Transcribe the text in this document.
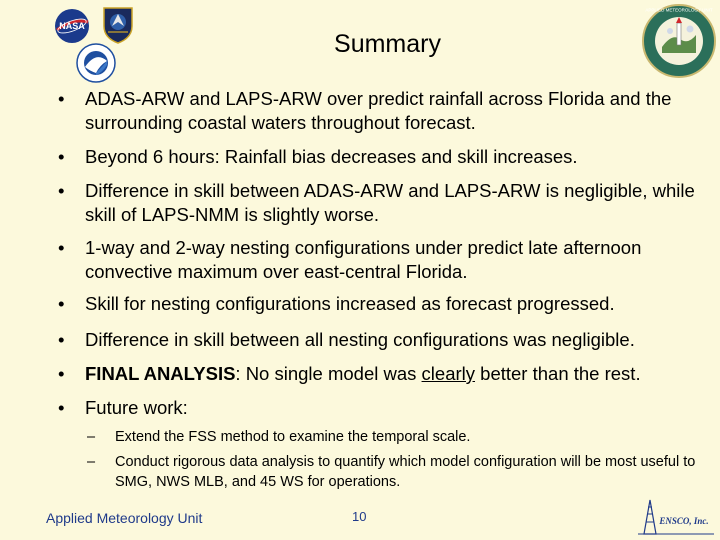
NASA
Summary
APPLIED METEOROLOGY UNIT
• ADAS-ARW and LAPS-ARW over predict rainfall across Florida and the surrounding coastal waters throughout forecast.
• Beyond 6 hours: Rainfall bias decreases and skill increases.
• Difference in skill between ADAS-ARW and LAPS-ARW is negligible, while skill of LAPS-NMM is slightly worse.
• 1-way and 2-way nesting configurations under predict late afternoon convective maximum over east-central Florida.
• Skill for nesting configurations increased as forecast progressed.
• Difference in skill between all nesting configurations was negligible.
• FINAL ANALYSIS: No single model was clearly better than the rest.
• Future work:
– Extend the FSS method to examine the temporal scale.
– Conduct rigorous data analysis to quantify which model configuration will be most useful to SMG, NWS MLB, and 45 WS for operations.
Applied Meteorology Unit	10	ENSCO, Inc.
